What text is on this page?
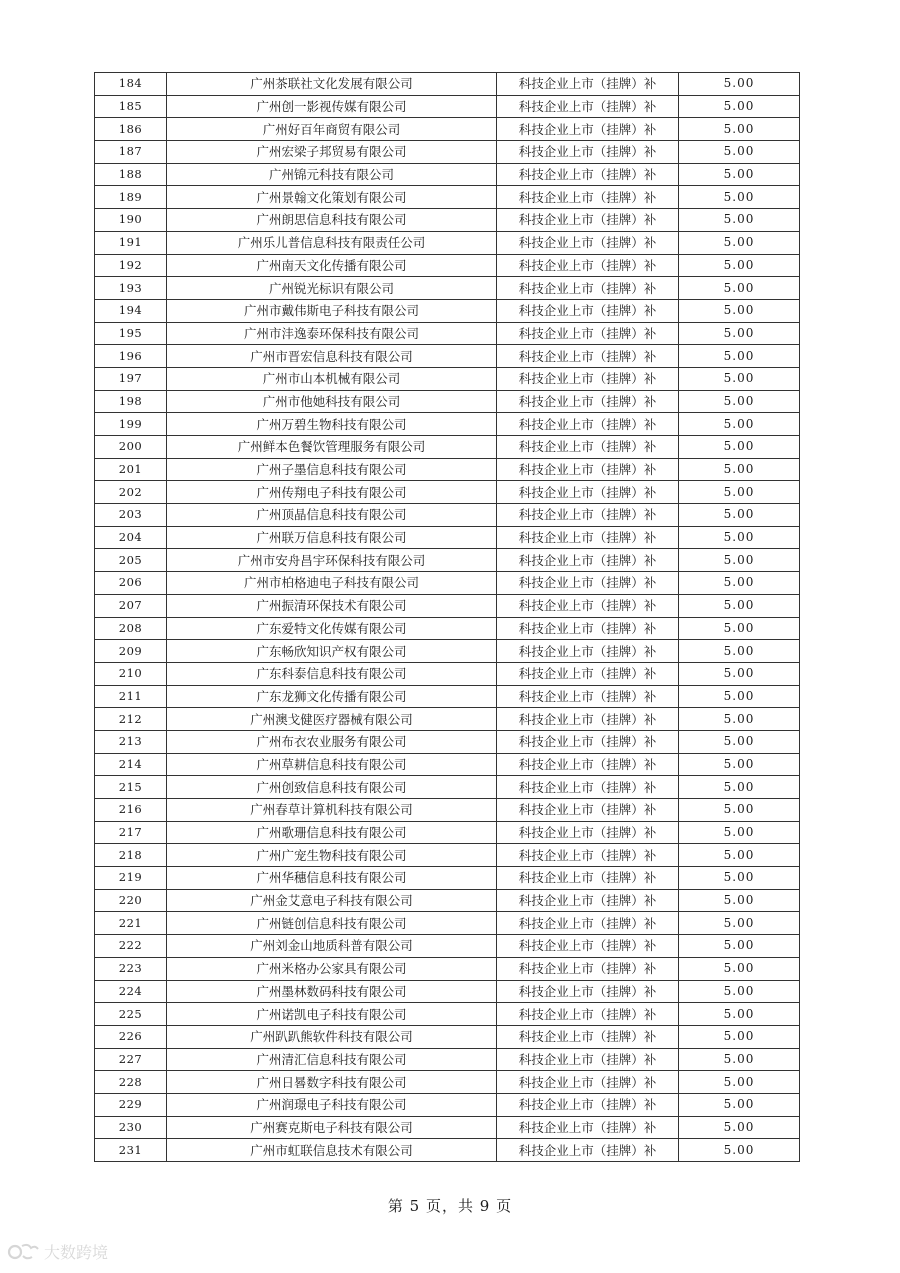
184	广州茶联社文化发展有限公司	科技企业上市（挂牌）补	5.00
185	广州创一影视传媒有限公司	科技企业上市（挂牌）补	5.00
186	广州好百年商贸有限公司	科技企业上市（挂牌）补	5.00
187	广州宏梁子邦贸易有限公司	科技企业上市（挂牌）补	5.00
188	广州锦元科技有限公司	科技企业上市（挂牌）补	5.00
189	广州景翰文化策划有限公司	科技企业上市（挂牌）补	5.00
190	广州朗思信息科技有限公司	科技企业上市（挂牌）补	5.00
191	广州乐儿普信息科技有限责任公司	科技企业上市（挂牌）补	5.00
192	广州南天文化传播有限公司	科技企业上市（挂牌）补	5.00
193	广州锐光标识有限公司	科技企业上市（挂牌）补	5.00
194	广州市戴伟斯电子科技有限公司	科技企业上市（挂牌）补	5.00
195	广州市沣逸泰环保科技有限公司	科技企业上市（挂牌）补	5.00
196	广州市晋宏信息科技有限公司	科技企业上市（挂牌）补	5.00
197	广州市山本机械有限公司	科技企业上市（挂牌）补	5.00
198	广州市他她科技有限公司	科技企业上市（挂牌）补	5.00
199	广州万碧生物科技有限公司	科技企业上市（挂牌）补	5.00
200	广州鲜本色餐饮管理服务有限公司	科技企业上市（挂牌）补	5.00
201	广州子墨信息科技有限公司	科技企业上市（挂牌）补	5.00
202	广州传翔电子科技有限公司	科技企业上市（挂牌）补	5.00
203	广州顶晶信息科技有限公司	科技企业上市（挂牌）补	5.00
204	广州联万信息科技有限公司	科技企业上市（挂牌）补	5.00
205	广州市安舟昌宇环保科技有限公司	科技企业上市（挂牌）补	5.00
206	广州市柏格迪电子科技有限公司	科技企业上市（挂牌）补	5.00
207	广州振清环保技术有限公司	科技企业上市（挂牌）补	5.00
208	广东爱特文化传媒有限公司	科技企业上市（挂牌）补	5.00
209	广东畅欣知识产权有限公司	科技企业上市（挂牌）补	5.00
210	广东科泰信息科技有限公司	科技企业上市（挂牌）补	5.00
211	广东龙狮文化传播有限公司	科技企业上市（挂牌）补	5.00
212	广州澳戈健医疗器械有限公司	科技企业上市（挂牌）补	5.00
213	广州布衣农业服务有限公司	科技企业上市（挂牌）补	5.00
214	广州草耕信息科技有限公司	科技企业上市（挂牌）补	5.00
215	广州创致信息科技有限公司	科技企业上市（挂牌）补	5.00
216	广州春草计算机科技有限公司	科技企业上市（挂牌）补	5.00
217	广州歌珊信息科技有限公司	科技企业上市（挂牌）补	5.00
218	广州广宠生物科技有限公司	科技企业上市（挂牌）补	5.00
219	广州华穗信息科技有限公司	科技企业上市（挂牌）补	5.00
220	广州金艾意电子科技有限公司	科技企业上市（挂牌）补	5.00
221	广州链创信息科技有限公司	科技企业上市（挂牌）补	5.00
222	广州刘金山地质科普有限公司	科技企业上市（挂牌）补	5.00
223	广州米格办公家具有限公司	科技企业上市（挂牌）补	5.00
224	广州墨林数码科技有限公司	科技企业上市（挂牌）补	5.00
225	广州诺凯电子科技有限公司	科技企业上市（挂牌）补	5.00
226	广州趴趴熊软件科技有限公司	科技企业上市（挂牌）补	5.00
227	广州清汇信息科技有限公司	科技企业上市（挂牌）补	5.00
228	广州日晷数字科技有限公司	科技企业上市（挂牌）补	5.00
229	广州润璟电子科技有限公司	科技企业上市（挂牌）补	5.00
230	广州赛克斯电子科技有限公司	科技企业上市（挂牌）补	5.00
231	广州市虹联信息技术有限公司	科技企业上市（挂牌）补	5.00
第 5 页，共 9 页
大数跨境
